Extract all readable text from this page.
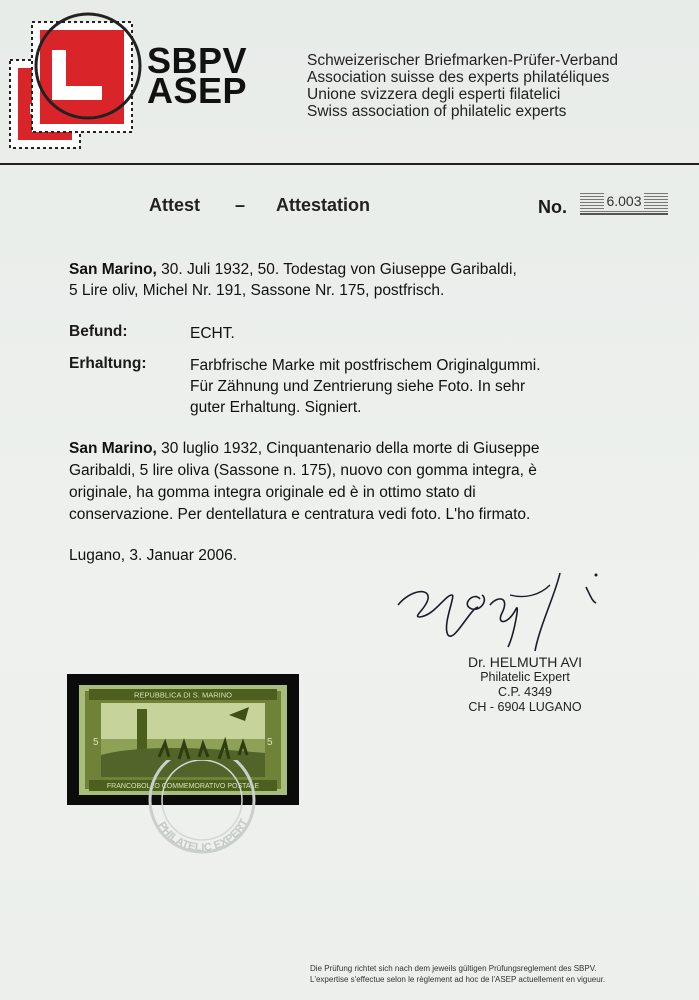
SBPV
ASEP
Schweizerischer Briefmarken-Prüfer-Verband
Association suisse des experts philatéliques
Unione svizzera degli esperti filatelici
Swiss association of philatelic experts
Attest – Attestation	No.	6.003
San Marino, 30. Juli 1932, 50. Todestag von Giuseppe Garibaldi,
5 Lire oliv, Michel Nr. 191, Sassone Nr. 175, postfrisch.
Befund:	ECHT.
Erhaltung:	Farbfrische Marke mit postfrischem Originalgummi.
Für Zähnung und Zentrierung siehe Foto. In sehr
guter Erhaltung. Signiert.
San Marino, 30 luglio 1932, Cinquantenario della morte di Giuseppe
Garibaldi, 5 lire oliva (Sassone n. 175), nuovo con gomma integra, è
originale, ha gomma integra originale ed è in ottimo stato di
conservazione. Per dentellatura e centratura vedi foto. L'ho firmato.
Lugano, 3. Januar 2006.
Dr. HELMUTH AVI
Philatelic Expert
C.P. 4349
CH - 6904 LUGANO
REPUBBLICA DI S. MARINO
FRANCOBOLLO COMMEMORATIVO POSTALE
5	5
PHILATELIC EXPERT
Die Prüfung richtet sich nach dem jeweils gültigen Prüfungsreglement des SBPV.
L'expertise s'effectue selon le règlement ad hoc de l'ASEP actuellement en vigueur.
